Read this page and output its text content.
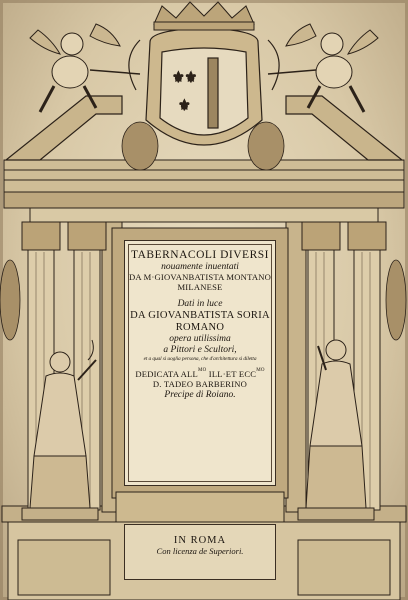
⚜⚜
⚜
TABERNACOLI DIVERSI
nouamente inuentati
DA M·GIOVANBATISTA MONTANO
MILANESE
Dati in luce
DA GIOVANBATISTA SORIA
ROMANO
opera utilissima
a Pittori e Scultori,
et a qual si uoglia persona, che d'architettura si diletta
DEDICATA $ALL^{MO}$ ILL·ET $ECC^{MO}$
D. TADEO BARBERINO
Precipe di Roiano.
IN ROMA
Con licenza de Superiori.
